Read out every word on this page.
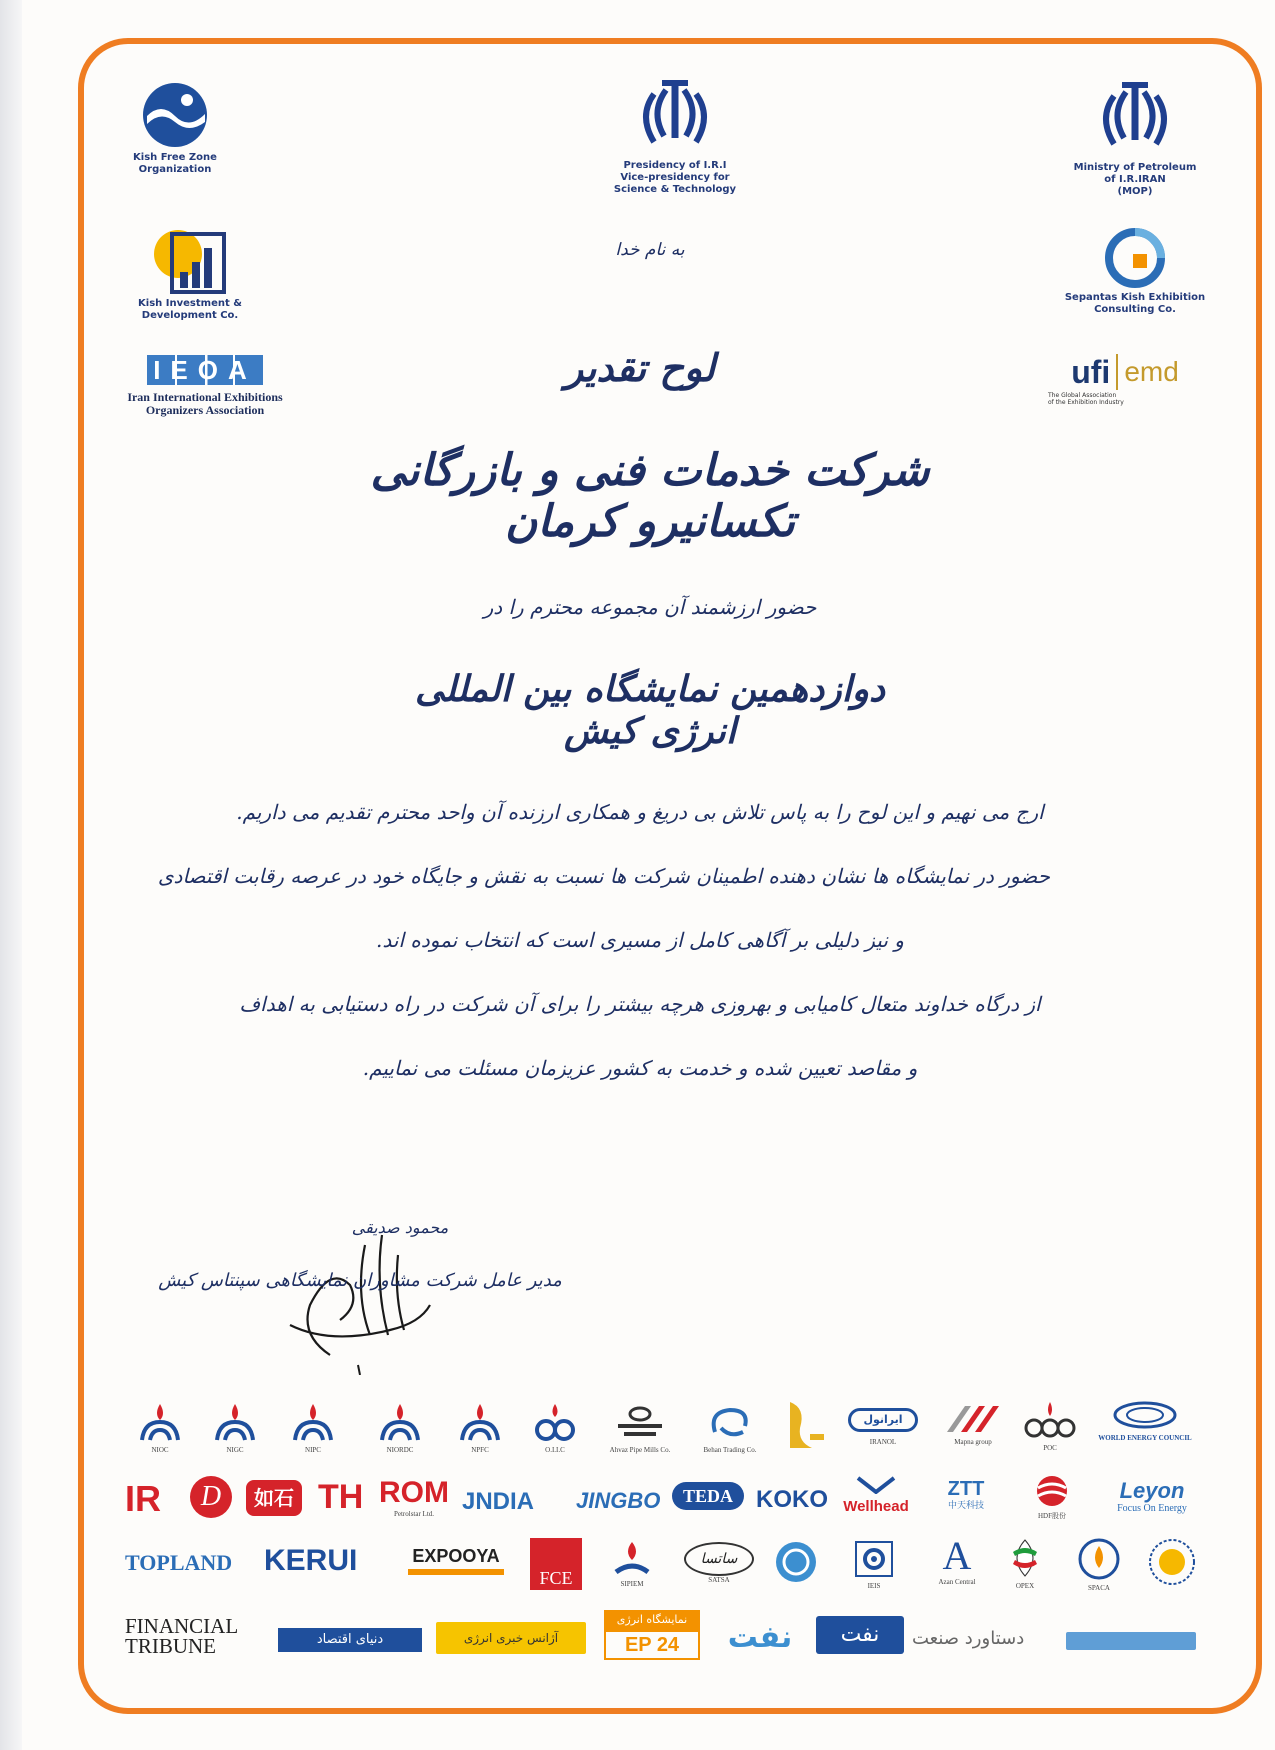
Kish Free Zone
Organization	Presidency of I.R.I
Vice-presidency for
Science & Technology
Ministry of Petroleum
of I.R.IRAN
(MOP)
Kish Investment &
Development Co.
Sepantas Kish Exhibition
Consulting Co.
IEOA
Iran International Exhibitions
Organizers Association
ufi emd
The Global Association
of the Exhibition Industry
به نام خدا
لوح تقدیر
شرکت خدمات فنی و بازرگانی تکسانیرو کرمان
حضور ارزشمند آن مجموعه محترم را در
دوازدهمین نمایشگاه بین المللی انرژی کیش
ارج می نهیم و این لوح را به پاس تلاش بی دریغ و همکاری ارزنده آن واحد محترم تقدیم می داریم.
حضور در نمایشگاه ها نشان دهنده اطمینان شرکت ها نسبت به نقش و جایگاه خود در عرصه رقابت اقتصادی
و نیز دلیلی بر آگاهی کامل از مسیری است که انتخاب نموده اند.
از درگاه خداوند متعال کامیابی و بهروزی هرچه بیشتر را برای آن شرکت در راه دستیابی به اهداف
و مقاصد تعیین شده و خدمت به کشور عزیزمان مسئلت می نماییم.
محمود صدیقی
مدیر عامل شرکت مشاوران نمایشگاهی سپنتاس کیش
NIOC	NIGC	NIPC	NIORDC	NPFC	O.I.I.C	Ahvaz Pipe Mills Co.	Behan Trading Co.
ايرانول
IRANOL	Mapna group
POC
WORLD ENERGY COUNCIL
IR	D	如石 TH ROM
Petrolstar Ltd.	JNDIA JINGBO	TEDA KOKO	Wellhead
ZTT
中天科技
HDF股份
Leyon
Focus On Energy
TOPLAND KERUI	EXPOOYA
FCE	SIPIEM
ساتسا
SATSA
IEIS
A
Azan Central	OPEX	SPACA
FINANCIAL
TRIBUNE	دنیای اقتصاد	آژانس خبری انرژی
نمایشگاه انرژی
EP 24	نفت	نفت	دستاورد صنعت
